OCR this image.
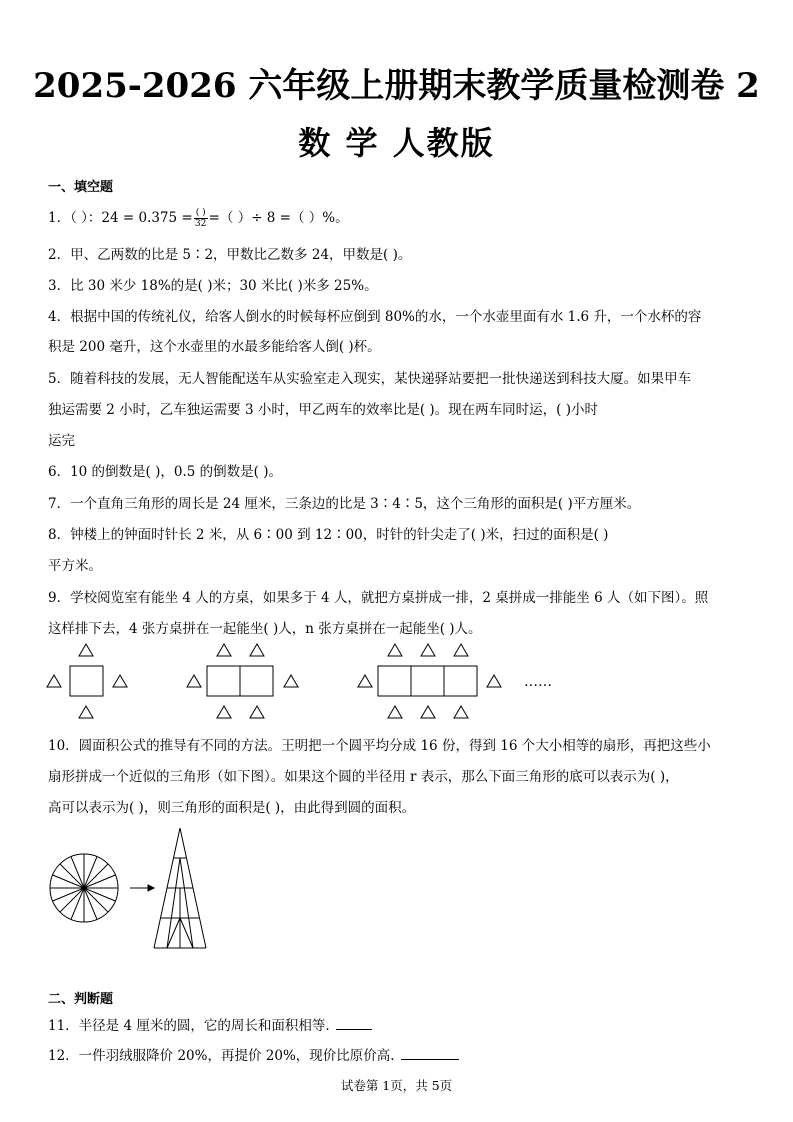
2025-2026 六年级上册期末教学质量检测卷 2
数 学 人教版
一、填空题
1．（ ）：$24 = 0.375 = \frac{( )}{32}=$（ ）÷ 8 =（ ）%。
2．甲、乙两数的比是 5∶2，甲数比乙数多 24，甲数是( )。
3．比 30 米少 18%的是( )米；30 米比( )米多 25%。
4．根据中国的传统礼仪，给客人倒水的时候每杯应倒到 80%的水，一个水壶里面有水 1.6 升，一个水杯的容
积是 200 毫升，这个水壶里的水最多能给客人倒( )杯。
5．随着科技的发展，无人智能配送车从实验室走入现实，某快递驿站要把一批快递送到科技大厦。如果甲车
独运需要 2 小时，乙车独运需要 3 小时，甲乙两车的效率比是( )。现在两车同时运，( )小时
运完
6．10 的倒数是( )，0.5 的倒数是( )。
7．一个直角三角形的周长是 24 厘米，三条边的比是 3∶4∶5，这个三角形的面积是( )平方厘米。
8．钟楼上的钟面时针长 2 米，从 6∶00 到 12∶00，时针的针尖走了( )米，扫过的面积是( )
平方米。
9．学校阅览室有能坐 4 人的方桌，如果多于 4 人，就把方桌拼成一排，2 桌拼成一排能坐 6 人（如下图）。照
这样排下去，4 张方桌拼在一起能坐( )人，n 张方桌拼在一起能坐( )人。
……
10．圆面积公式的推导有不同的方法。王明把一个圆平均分成 16 份，得到 16 个大小相等的扇形，再把这些小
扇形拼成一个近似的三角形（如下图）。如果这个圆的半径用 r 表示，那么下面三角形的底可以表示为( )，
高可以表示为( )，则三角形的面积是( )，由此得到圆的面积。
二、判断题
11．半径是 4 厘米的圆，它的周长和面积相等.
12．一件羽绒服降价 20%，再提价 20%，现价比原价高.
试卷第 1页，共 5页
